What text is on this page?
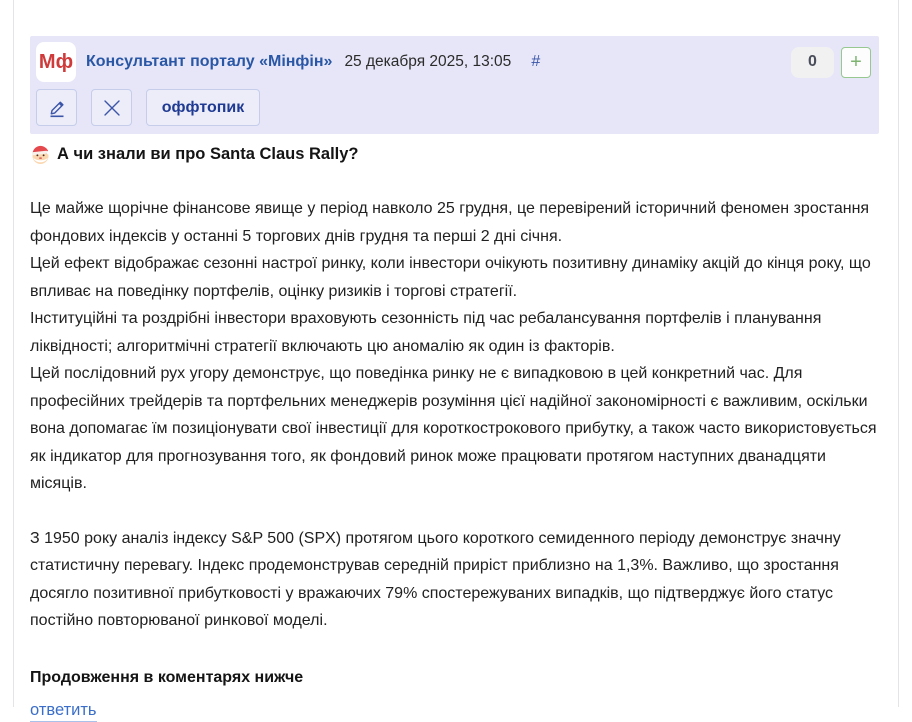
Мф Консультант порталу «Мінфін» 25 декабря 2025, 13:05 #	0	+
оффтопик
А чи знали ви про Santa Claus Rally?

Це майже щорічне фінансове явище у період навколо 25 грудня, це перевірений історичний феномен зростання фондових індексів у останні 5 торгових днів грудня та перші 2 дні січня.

Цей ефект відображає сезонні настрої ринку, коли інвестори очікують позитивну динаміку акцій до кінця року, що впливає на поведінку портфелів, оцінку ризиків і торгові стратегії.

Інституційні та роздрібні інвестори враховують сезонність під час ребалансування портфелів і планування ліквідності; алгоритмічні стратегії включають цю аномалію як один із факторів.

Цей послідовний рух угору демонструє, що поведінка ринку не є випадковою в цей конкретний час. Для професійних трейдерів та портфельних менеджерів розуміння цієї надійної закономірності є важливим, оскільки вона допомагає їм позиціонувати свої інвестиції для короткострокового прибутку, а також часто використовується як індикатор для прогнозування того, як фондовий ринок може працювати протягом наступних дванадцяти місяців.

З 1950 року аналіз індексу S&P 500 (SPX) протягом цього короткого семиденного періоду демонструє значну статистичну перевагу. Індекс продемонстрував середній приріст приблизно на 1,3%. Важливо, що зростання досягло позитивної прибутковості у вражаючих 79% спостережуваних випадків, що підтверджує його статус постійно повторюваної ринкової моделі.

Продовження в коментарях нижче
ответить
